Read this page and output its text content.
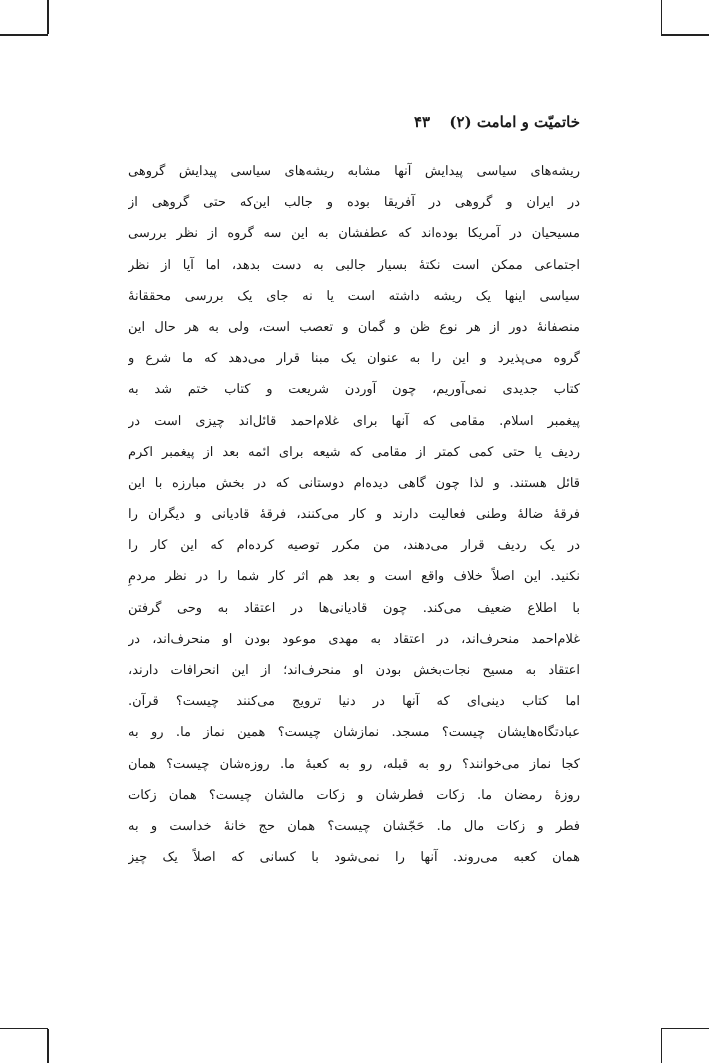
خاتمیّت و امامت (۲) ۴۳
ریشه‌های سیاسی پیدایش آنها مشابه ریشه‌های سیاسی پیدایش گروهی
در ایران و گروهی در آفریقا بوده و جالب این‌که حتی گروهی از
مسیحیان در آمریکا بوده‌اند که عطفشان به این سه گروه از نظر بررسی
اجتماعی ممکن است نکتهٔ بسیار جالبی به دست بدهد، اما آیا از نظر
سیاسی اینها یک ریشه داشته است یا نه جای یک بررسی محققانهٔ
منصفانهٔ دور از هر نوع ظن و گمان و تعصب است، ولی به هر حال این
گروه می‌پذیرد و این را به عنوان یک مبنا قرار می‌دهد که ما شرع و
کتاب جدیدی نمی‌آوریم، چون آوردن شریعت و کتاب ختم شد به
پیغمبر اسلام. مقامی که آنها برای غلام‌احمد قائل‌اند چیزی است در
ردیف یا حتی کمی کمتر از مقامی که شیعه برای ائمه بعد از پیغمبر اکرم
قائل هستند. و لذا چون گاهی دیده‌ام دوستانی که در بخش مبارزه با این
فرقهٔ ضالهٔ وطنی فعالیت دارند و کار می‌کنند، فرقهٔ قادیانی و دیگران را
در یک ردیف قرار می‌دهند، من مکرر توصیه کرده‌ام که این کار را
نکنید. این اصلاً خلاف واقع است و بعد هم اثر کار شما را در نظر مردمِ
با اطلاع ضعیف می‌کند. چون قادیانی‌ها در اعتقاد به وحی گرفتن
غلام‌احمد منحرف‌اند، در اعتقاد به مهدی موعود بودن او منحرف‌اند، در
اعتقاد به مسیح نجات‌بخش بودن او منحرف‌اند؛ از این انحرافات دارند،
اما کتاب دینی‌ای که آنها در دنیا ترویج می‌کنند چیست؟ قرآن.
عبادتگاه‌هایشان چیست؟ مسجد. نمازشان چیست؟ همین نماز ما. رو به
کجا نماز می‌خوانند؟ رو به قبله، رو به کعبهٔ ما. روزه‌شان چیست؟ همان
روزهٔ رمضان ما. زکات فطرشان و زکات مالشان چیست؟ همان زکات
فطر و زکات مال ما. حَجّشان چیست؟ همان حج خانهٔ خداست و به
همان کعبه می‌روند. آنها را نمی‌شود با کسانی که اصلاً یک چیز
